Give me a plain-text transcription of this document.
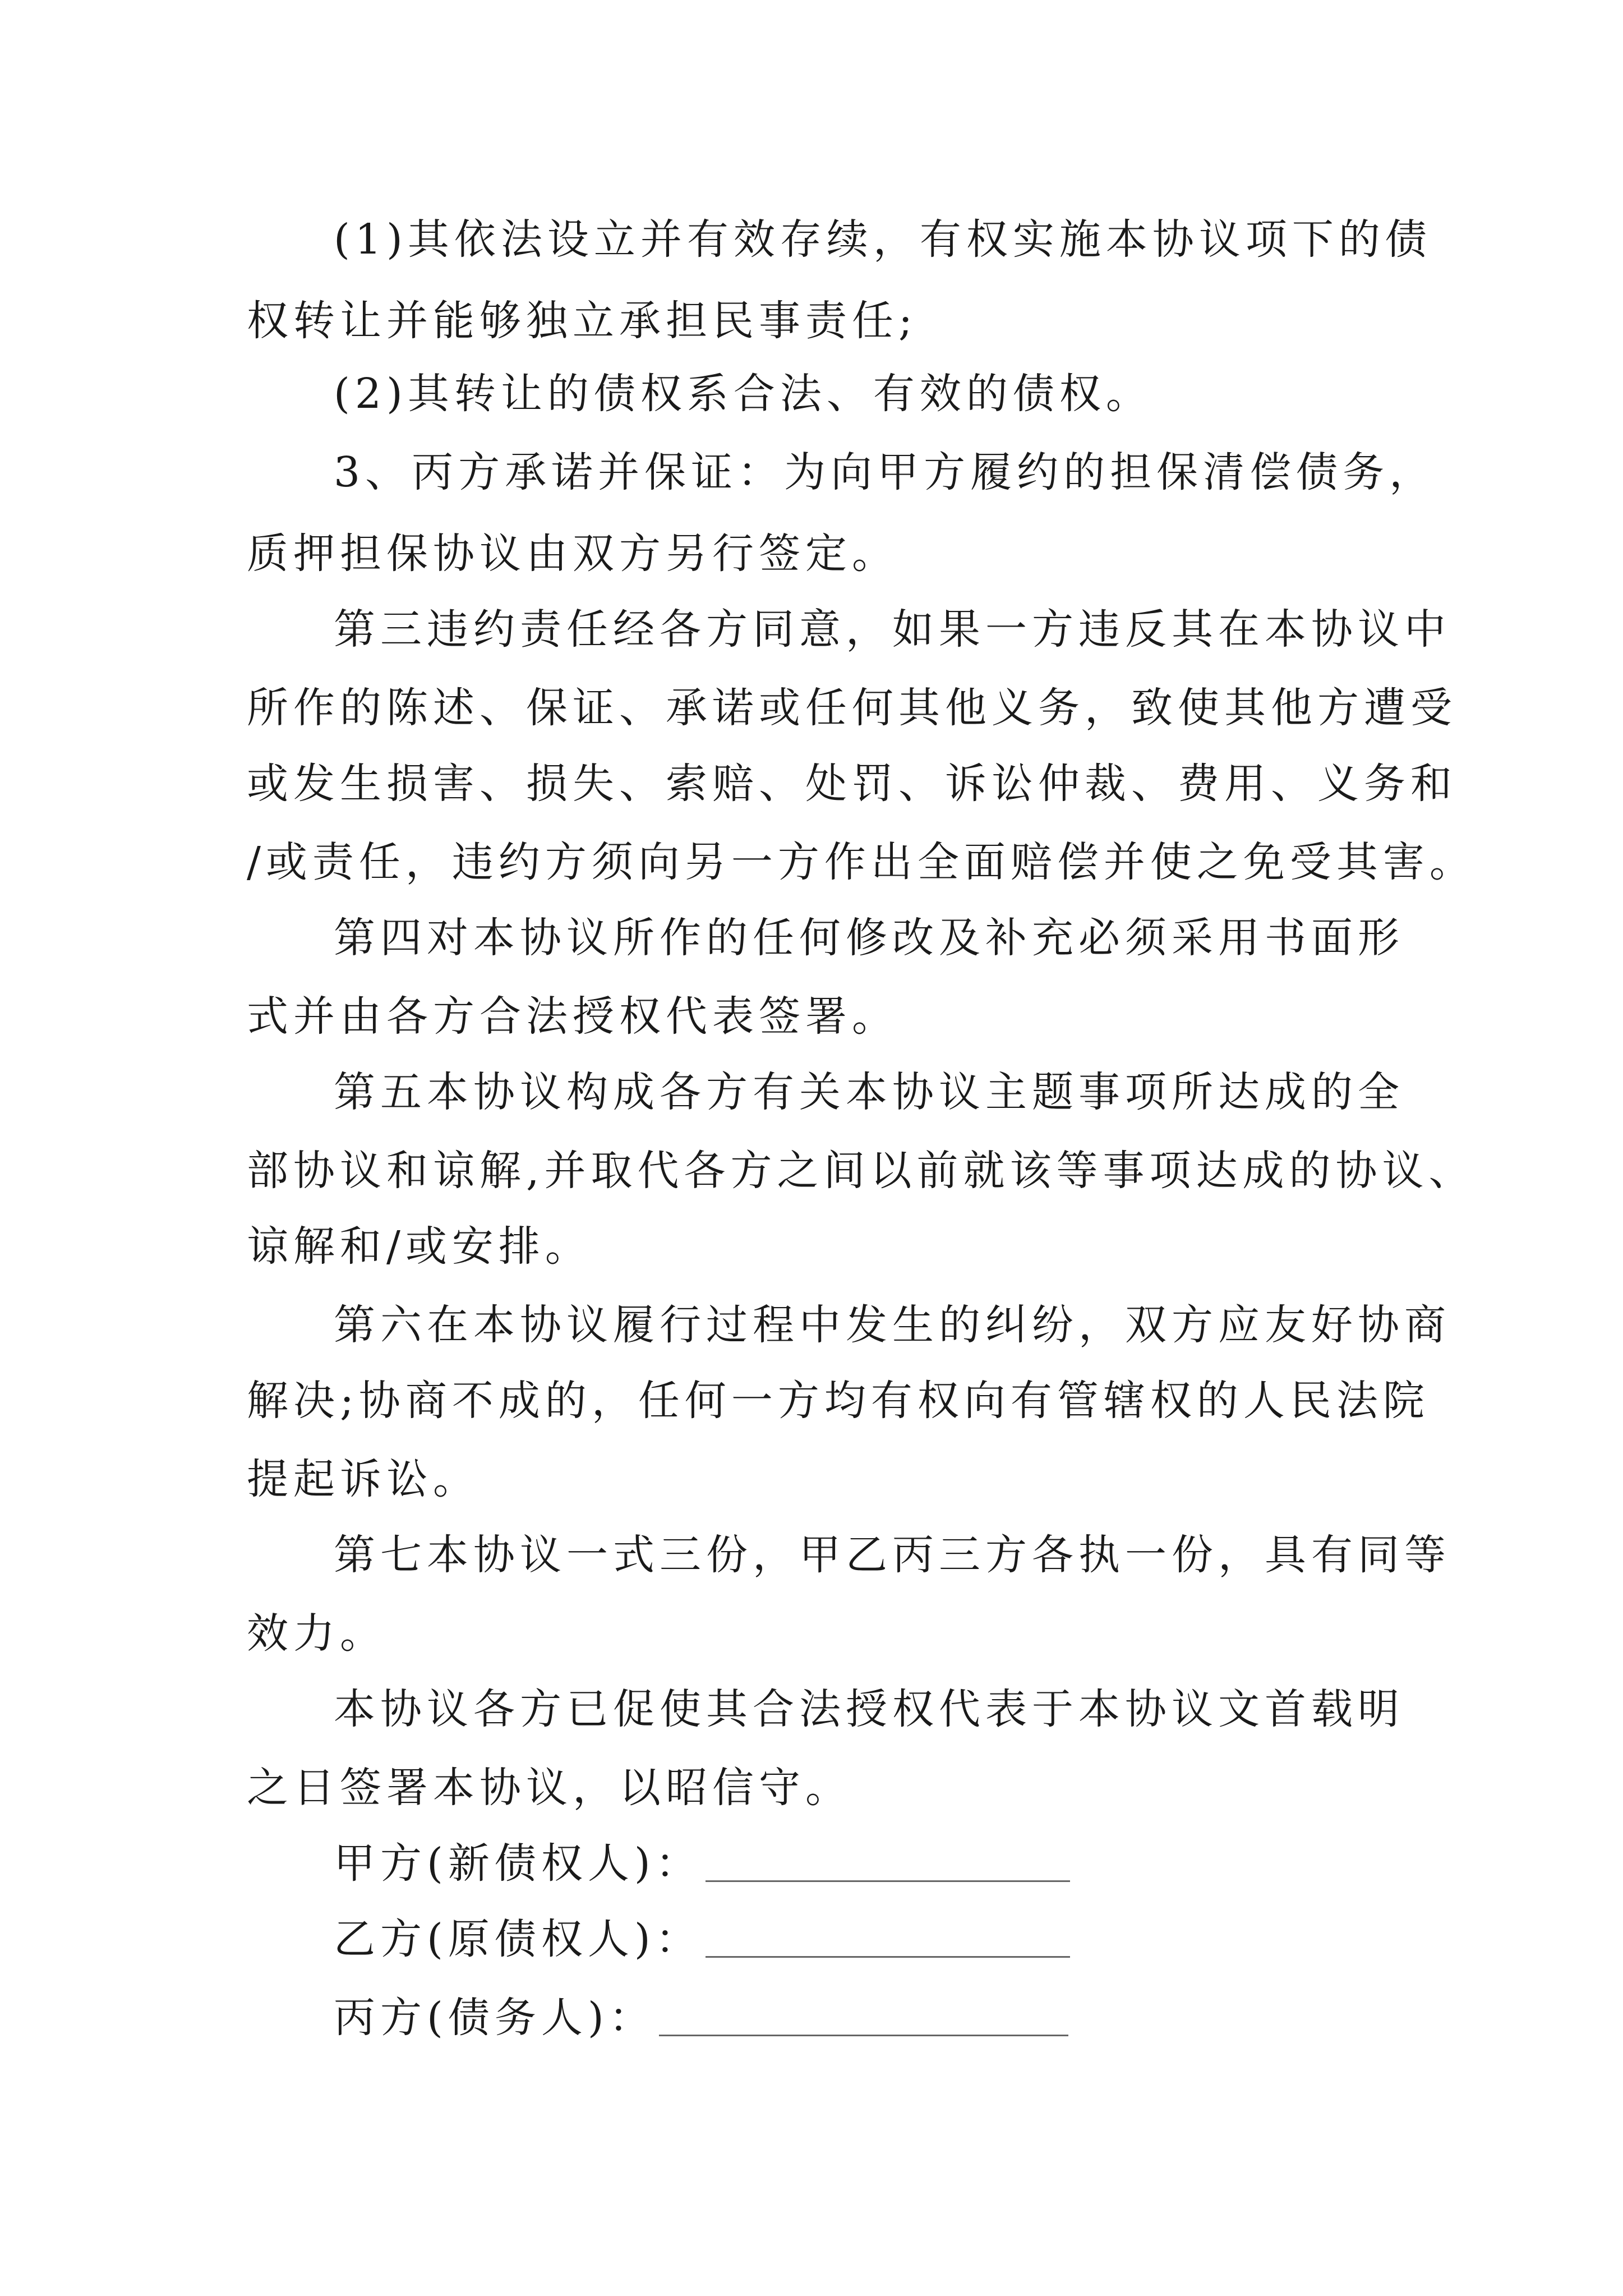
(1)其依法设立并有效存续，有权实施本协议项下的债
权转让并能够独立承担民事责任;
(2)其转让的债权系合法、有效的债权。
3、丙方承诺并保证：为向甲方履约的担保清偿债务，
质押担保协议由双方另行签定。
第三违约责任经各方同意，如果一方违反其在本协议中
所作的陈述、保证、承诺或任何其他义务，致使其他方遭受
或发生损害、损失、索赔、处罚、诉讼仲裁、费用、义务和
/或责任，违约方须向另一方作出全面赔偿并使之免受其害。
第四对本协议所作的任何修改及补充必须采用书面形
式并由各方合法授权代表签署。
第五本协议构成各方有关本协议主题事项所达成的全
部协议和谅解,并取代各方之间以前就该等事项达成的协议、
谅解和/或安排。
第六在本协议履行过程中发生的纠纷，双方应友好协商
解决;协商不成的，任何一方均有权向有管辖权的人民法院
提起诉讼。
第七本协议一式三份，甲乙丙三方各执一份，具有同等
效力。
本协议各方已促使其合法授权代表于本协议文首载明
之日签署本协议，以昭信守。
甲方(新债权人)：
乙方(原债权人)：
丙方(债务人)：
